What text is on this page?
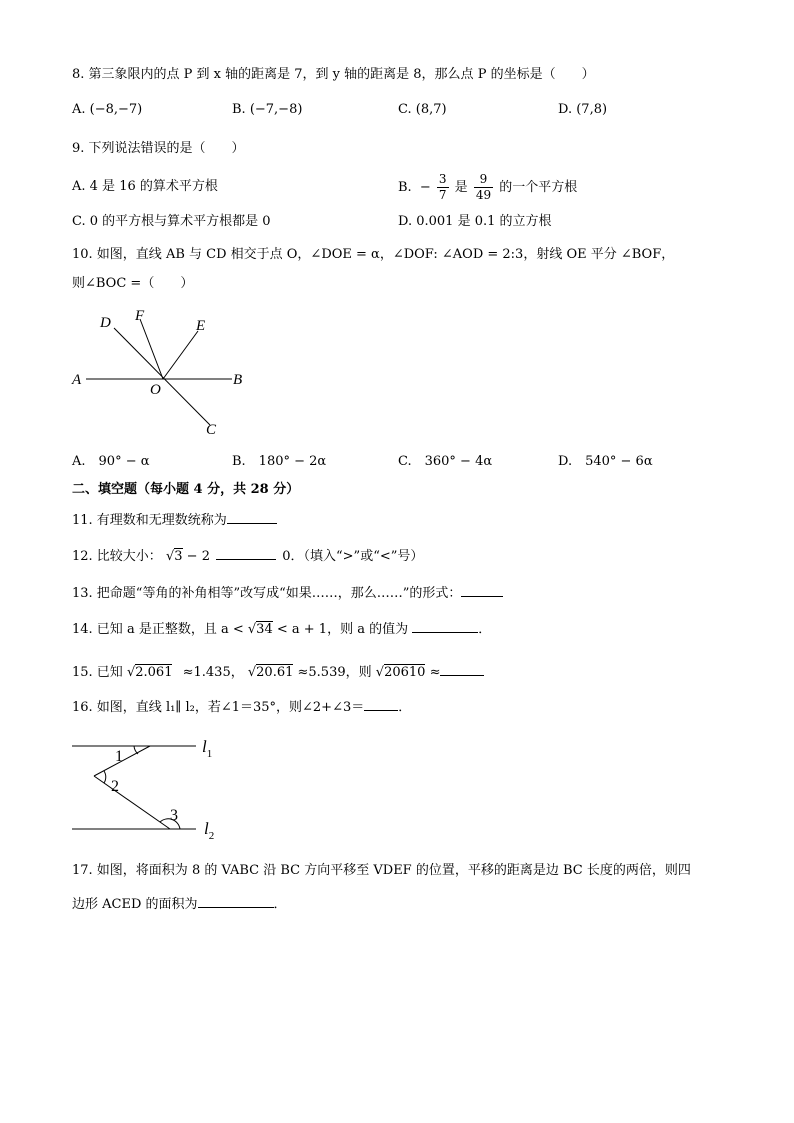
8. 第三象限内的点 P 到 x 轴的距离是 7，到 y 轴的距离是 8，那么点 P 的坐标是（　　）
A. (−8,−7)	B. (−7,−8)	C. (8,7)	D. (7,8)
9. 下列说法错误的是（　　）
A. 4 是 16 的算术平方根	B. − $\frac{3}{7}$ 是 $\frac{9}{49}$ 的一个平方根
C. 0 的平方根与算术平方根都是 0	D. 0.001 是 0.1 的立方根
10. 如图，直线 AB 与 CD 相交于点 O，∠DOE = α，∠DOF: ∠AOD = 2:3，射线 OE 平分 ∠BOF，
则∠BOC =（　　）
D F
E
A
O
B
C
A.　90° − α	B.　180° − 2α	C.　360° − 4α	D.　540° − 6α
二、填空题（每小题 4 分，共 28 分）
11. 有理数和无理数统称为
12. 比较大小： √3 − 2	0．（填入“>”或“<”号）
13. 把命题“等角的补角相等”改写成“如果……，那么……”的形式：
14. 已知 a 是正整数，且 a < √34 < a + 1，则 a 的值为	．
15. 已知 √2.061 ≈1.435， √20.61 ≈5.539，则 √20610 ≈
16. 如图，直线 l₁∥ l₂，若∠1＝35°，则∠2+∠3＝	．
1
2
3
$l_1$
$l_2$
17. 如图，将面积为 8 的 VABC 沿 BC 方向平移至 VDEF 的位置，平移的距离是边 BC 长度的两倍，则四
边形 ACED 的面积为	．
